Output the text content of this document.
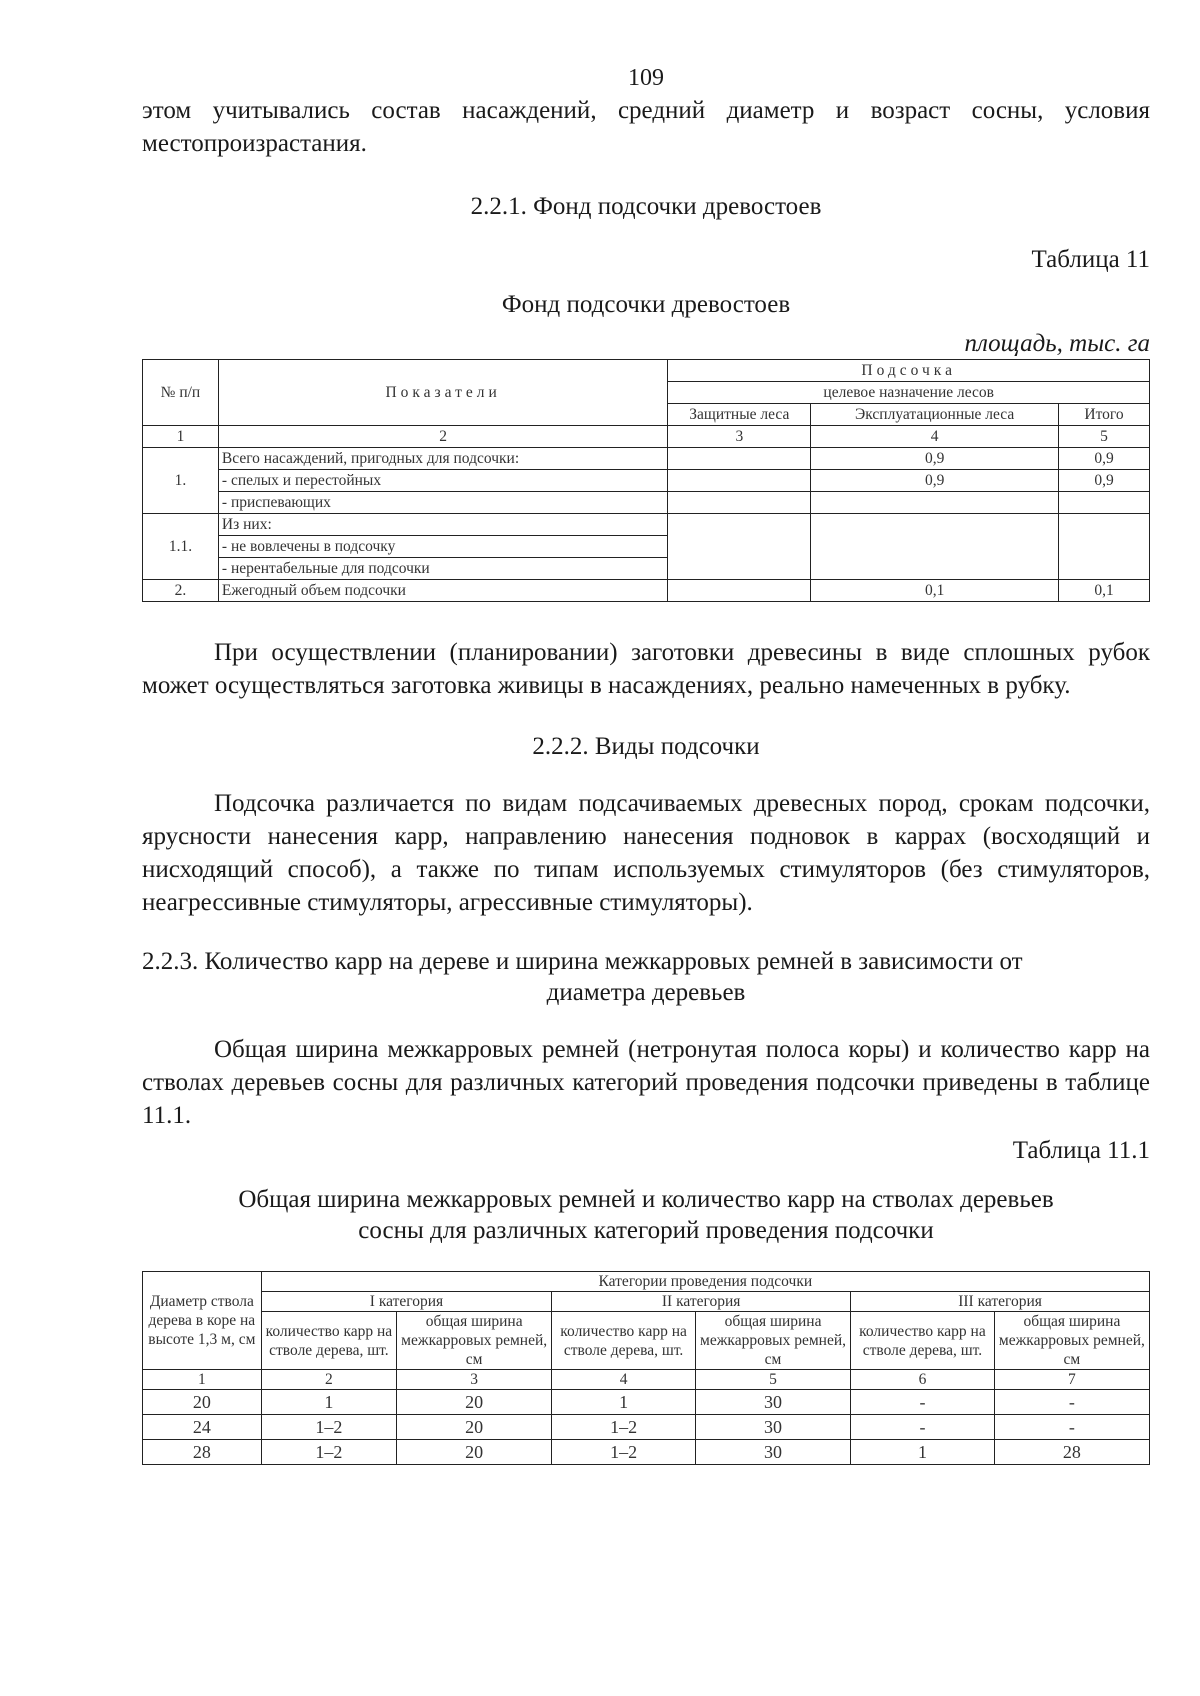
109

этом учитывались состав насаждений, средний диаметр и возраст сосны, условия местопроизрастания.

2.2.1. Фонд подсочки древостоев
Таблица 11
Фонд подсочки древостоев
площадь, тыс. га
№ п/п	Показатели	Подсочка		
		целевое назначение лесов		
		Защитные леса	Эксплуатационные леса	Итого
1	2	3	4	5
1.	Всего насаждений, пригодных для подсочки:		0,9	0,9
	- спелых и перестойных		0,9	0,9
	- приспевающих			
1.1.	Из них:			
	- не вовлечены в подсочку			
	- нерентабельные для подсочки			
2.	Ежегодный объем подсочки		0,1	0,1

При осуществлении (планировании) заготовки древесины в виде сплошных рубок может осуществляться заготовка живицы в насаждениях, реально намеченных в рубку.

2.2.2. Виды подсочки

Подсочка различается по видам подсачиваемых древесных пород, срокам подсочки, ярусности нанесения карр, направлению нанесения подновок в каррах (восходящий и нисходящий способ), а также по типам используемых стимуляторов (без стимуляторов, неагрессивные стимуляторы, агрессивные стимуляторы).

2.2.3. Количество карр на дереве и ширина межкарровых ремней в зависимости от
диаметра деревьев

Общая ширина межкарровых ремней (нетронутая полоса коры) и количество карр на стволах деревьев сосны для различных категорий проведения подсочки приведены в таблице 11.1.

Таблица 11.1
Общая ширина межкарровых ремней и количество карр на стволах деревьев
сосны для различных категорий проведения подсочки
Диаметр ствола дерева в коре на высоте 1,3 м, см	Категории проведения подсочки					
	I категория		II категория		III категория	
	количество карр на стволе дерева, шт.	общая ширина межкарровых ремней, см	количество карр на стволе дерева, шт.	общая ширина межкарровых ремней, см	количество карр на стволе дерева, шт.	общая ширина межкарровых ремней, см
1	2	3	4	5	6	7
20	1	20	1	30	-	-
24	1–2	20	1–2	30	-	-
28	1–2	20	1–2	30	1	28
